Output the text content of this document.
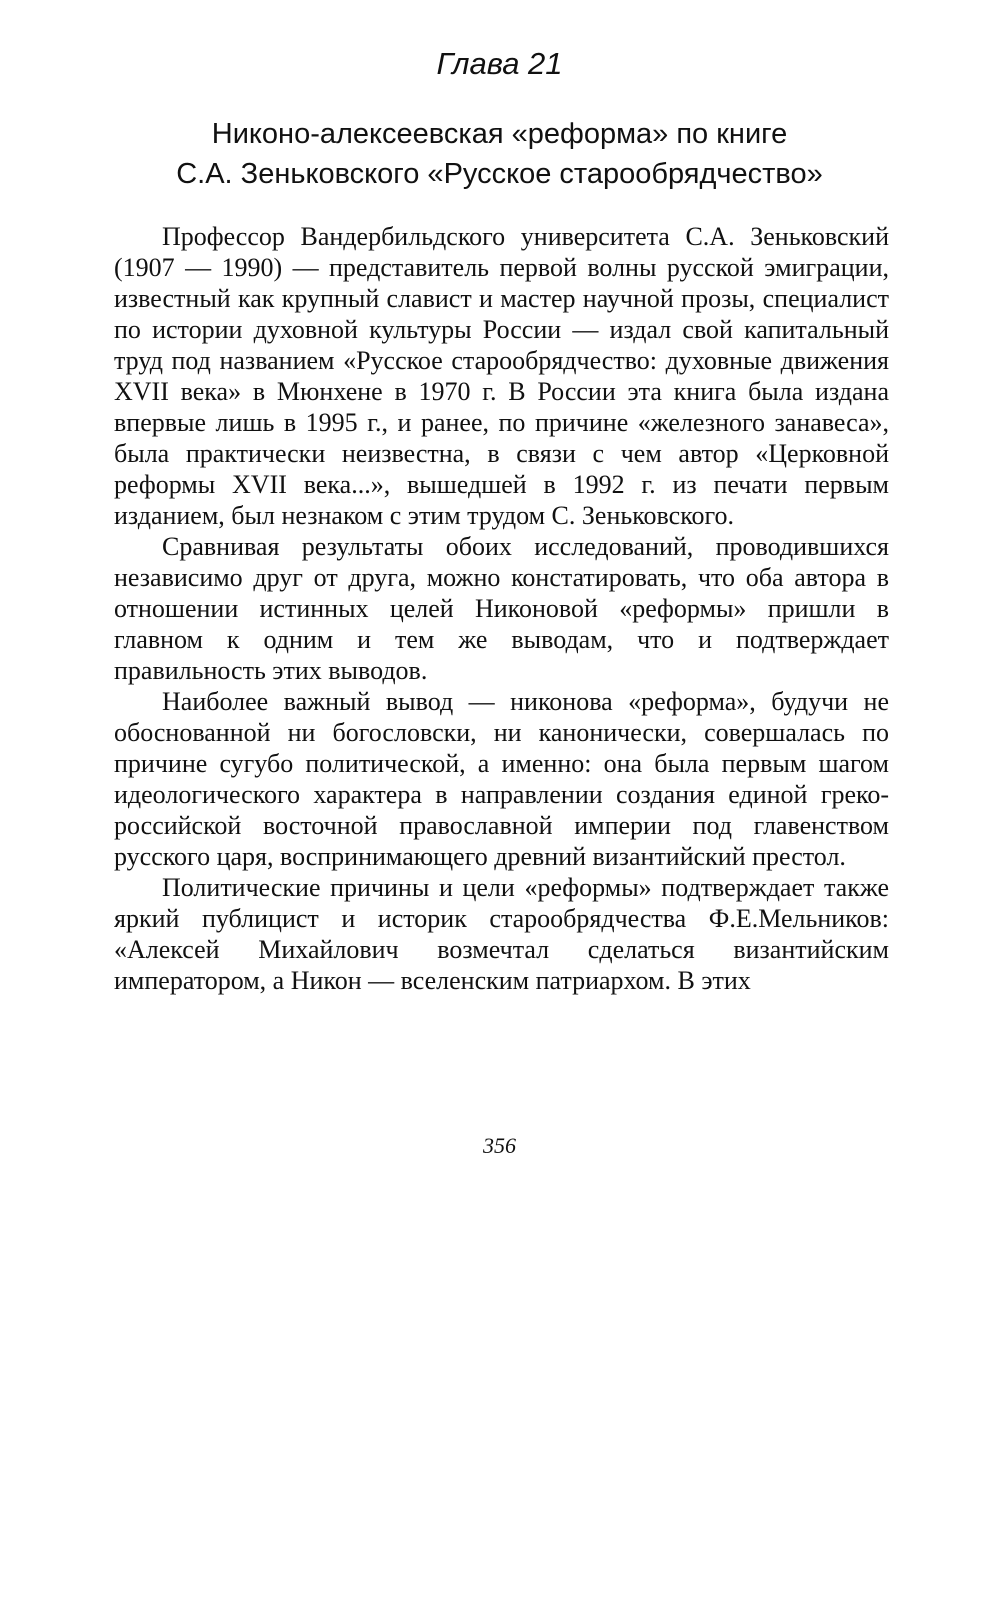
Глава 21
Никоно-алексеевская «реформа» по книге
С.А. Зеньковского «Русское старообрядчество»

Профессор Вандербильдского университета С.А. Зеньковский (1907 — 1990) — представитель первой волны русской эмиграции, известный как крупный славист и мастер научной прозы, специалист по истории духовной культуры России — издал свой капитальный труд под названием «Русское старообрядчество: духовные движения XVII века» в Мюнхене в 1970 г. В России эта книга была издана впервые лишь в 1995 г., и ранее, по причине «железного занавеса», была практически неизвестна, в связи с чем автор «Церковной реформы XVII века...», вышедшей в 1992 г. из печати первым изданием, был незнаком с этим трудом С. Зеньковского.

Сравнивая результаты обоих исследований, проводившихся независимо друг от друга, можно констатировать, что оба автора в отношении истинных целей Никоновой «реформы» пришли в главном к одним и тем же выводам, что и подтверждает правильность этих выводов.

Наиболее важный вывод — никонова «реформа», будучи не обоснованной ни богословски, ни канонически, совершалась по причине сугубо политической, а именно: она была первым шагом идеологического характера в направлении создания единой греко-российской восточной православной империи под главенством русского царя, воспринимающего древний византийский престол.

Политические причины и цели «реформы» подтверждает также яркий публицист и историк старообрядчества Ф.Е.Мельников: «Алексей Михайлович возмечтал сделаться византийским императором, а Никон — вселенским патриархом. В этих

356
